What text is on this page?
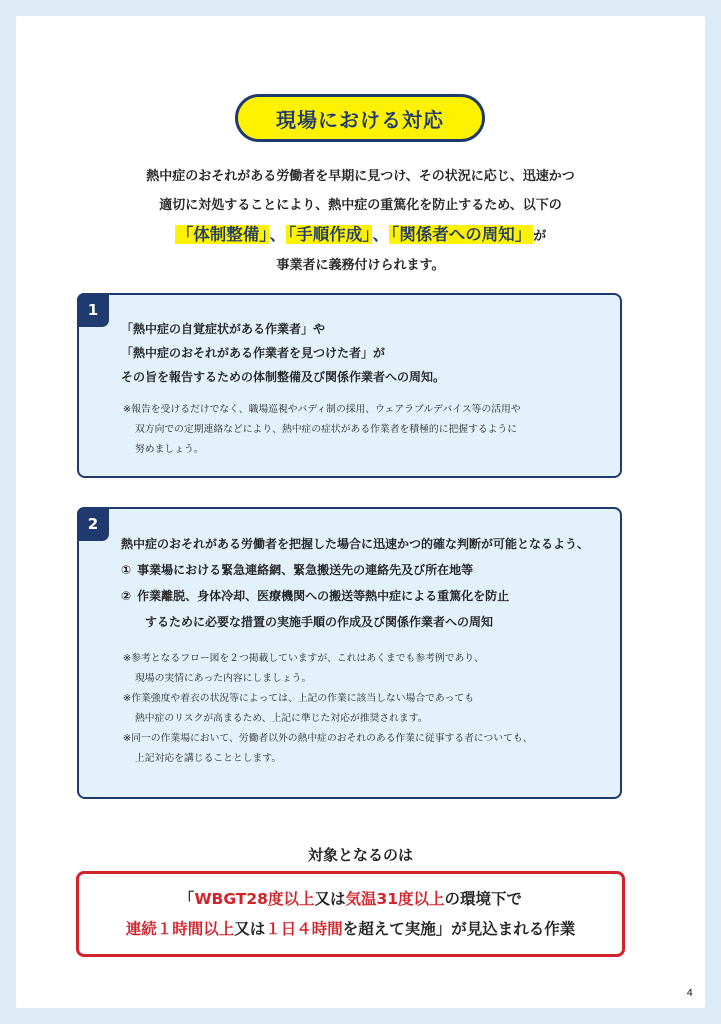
現場における対応
熱中症のおそれがある労働者を早期に見つけ、その状況に応じ、迅速かつ
適切に対処することにより、熱中症の重篤化を防止するため、以下の
「体制整備」 、 「手順作成」 、 「関係者への周知」 が
事業者に義務付けられます。
1
「熱中症の自覚症状がある作業者」や
「熱中症のおそれがある作業者を見つけた者」が
その旨を報告するための体制整備及び関係作業者への周知。
※報告を受けるだけでなく、職場巡視やバディ制の採用、ウェアラブルデバイス等の活用や
双方向での定期連絡などにより、熱中症の症状がある作業者を積極的に把握するように
努めましょう。
2
熱中症のおそれがある労働者を把握した場合に迅速かつ的確な判断が可能となるよう、
① 事業場における緊急連絡網、緊急搬送先の連絡先及び所在地等
② 作業離脱、身体冷却、医療機関への搬送等熱中症による重篤化を防止
するために必要な措置の実施手順の作成及び関係作業者への周知
※参考となるフロー図を２つ掲載していますが、これはあくまでも参考例であり、
現場の実情にあった内容にしましょう。
※作業強度や着衣の状況等によっては、上記の作業に該当しない場合であっても
熱中症のリスクが高まるため、上記に準じた対応が推奨されます。
※同一の作業場において、労働者以外の熱中症のおそれのある作業に従事する者についても、
上記対応を講じることとします。
対象となるのは
「WBGT28度以上又は気温31度以上の環境下で
連続１時間以上又は１日４時間を超えて実施」が見込まれる作業
4
